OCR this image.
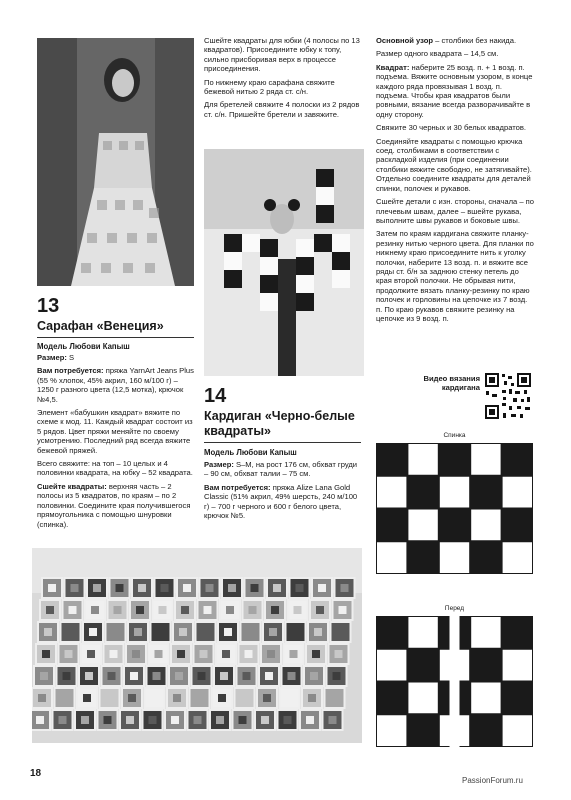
13
Сарафан «Венеция»
Модель Любови Капыш

Размер: S

Вам потребуется: пряжа YarnArt Jeans Plus (55 % хлопок, 45% акрил, 160 м/100 г) – 1250 г разного цвета (12,5 мотка), крючок №4,5.

Элемент «бабушкин квадрат» вяжите по схеме к мод. 11. Каждый квадрат состоит из 5 рядов. Цвет пряжи меняйте по своему усмотрению. Последний ряд всегда вяжите бежевой пряжей.

Всего свяжите: на топ – 10 целых и 4 половинки квадрата, на юбку – 52 квадрата.

Сшейте квадраты: верхняя часть – 2 полосы из 5 квадратов, по краям – по 2 половинки. Соедините края получившегося прямоугольника с помощью шнуровки (спинка).

Сшейте квадраты для юбки (4 полосы по 13 квадратов). Присоедините юбку к топу, сильно присборивая верх в процессе присоединения.

По нижнему краю сарафана свяжите бежевой нитью 2 ряда ст. с/н.

Для бретелей свяжите 4 полоски из 2 рядов ст. с/н. Пришейте бретели и завяжите.

14
Кардиган «Черно-белые квадраты»
Модель Любови Капыш

Размер: S–M, на рост 176 см, обхват груди – 90 см, обхват талии – 75 см.

Вам потребуется: пряжа Alize Lana Gold Classic (51% акрил, 49% шерсть, 240 м/100 г) – 700 г черного и 600 г белого цвета, крючок №5.

Основной узор – столбики без накида.

Размер одного квадрата – 14,5 см.

Квадрат: наберите 25 возд. п. + 1 возд. п. подъема. Вяжите основным узором, в конце каждого ряда провязывая 1 возд. п. подъема. Чтобы края квадратов были ровными, вязание всегда разворачивайте в одну сторону.

Свяжите 30 черных и 30 белых квадратов.

Соединяйте квадраты с помощью крючка соед. столбиками в соответствии с раскладкой изделия (при соединении столбики вяжите свободно, не затягивайте). Отдельно соедините квадраты для деталей спинки, полочек и рукавов.

Сшейте детали с изн. стороны, сначала – по плечевым швам, далее – вшейте рукава, выполните швы рукавов и боковые швы.

Затем по краям кардигана свяжите планку-резинку нитью черного цвета. Для планки по нижнему краю присоедините нить к уголку полочки, наберите 13 возд. п. и вяжите все ряды ст. б/н за заднюю стенку петель до края второй полочки. Не обрывая нити, продолжите вязать планку-резинку по краю полочек и горловины на цепочке из 7 возд. п. По краю рукавов свяжите резинку на цепочке из 9 возд. п.

Видео вязания кардигана
Спинка
Перед
18
PassionForum.ru
